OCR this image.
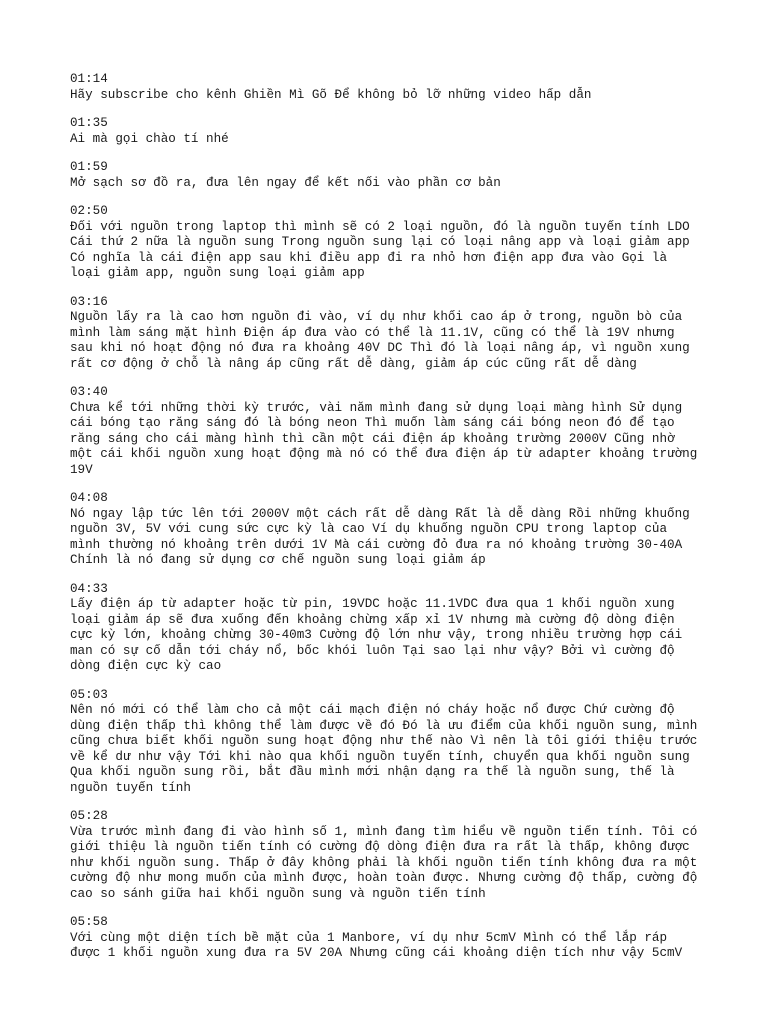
01:14
Hãy subscribe cho kênh Ghiền Mì Gõ Để không bỏ lỡ những video hấp dẫn
01:35
Ai mà gọi chào tí nhé
01:59
Mở sạch sơ đồ ra, đưa lên ngay để kết nối vào phần cơ bản
02:50
Đối với nguồn trong laptop thì mình sẽ có 2 loại nguồn, đó là nguồn tuyến tính LDO
Cái thứ 2 nữa là nguồn sung Trong nguồn sung lại có loại nâng app và loại giảm app
Có nghĩa là cái điện app sau khi điều app đi ra nhỏ hơn điện app đưa vào Gọi là
loại giảm app, nguồn sung loại giảm app
03:16
Nguồn lấy ra là cao hơn nguồn đi vào, ví dụ như khối cao áp ở trong, nguồn bò của
mình làm sáng mặt hình Điện áp đưa vào có thể là 11.1V, cũng có thể là 19V nhưng
sau khi nó hoạt động nó đưa ra khoảng 40V DC Thì đó là loại nâng áp, vì nguồn xung
rất cơ động ở chỗ là nâng áp cũng rất dễ dàng, giảm áp cúc cũng rất dễ dàng
03:40
Chưa kể tới những thời kỳ trước, vài năm mình đang sử dụng loại màng hình Sử dụng
cái bóng tạo răng sáng đó là bóng neon Thì muốn làm sáng cái bóng neon đó để tạo
răng sáng cho cái màng hình thì cần một cái điện áp khoảng trường 2000V Cũng nhờ
một cái khối nguồn xung hoạt động mà nó có thể đưa điện áp từ adapter khoảng trường
19V
04:08
Nó ngay lập tức lên tới 2000V một cách rất dễ dàng Rất là dễ dàng Rồi những khuống
nguồn 3V, 5V với cung sức cực kỳ là cao Ví dụ khuống nguồn CPU trong laptop của
mình thường nó khoảng trên dưới 1V Mà cái cường đỏ đưa ra nó khoảng trường 30-40A
Chính là nó đang sử dụng cơ chế nguồn sung loại giảm áp
04:33
Lấy điện áp từ adapter hoặc từ pin, 19VDC hoặc 11.1VDC đưa qua 1 khối nguồn xung
loại giảm áp sẽ đưa xuống đến khoảng chừng xấp xỉ 1V nhưng mà cường độ dòng điện
cực kỳ lớn, khoảng chừng 30-40m3 Cường độ lớn như vậy, trong nhiều trường hợp cái
man có sự cố dẫn tới cháy nổ, bốc khói luôn Tại sao lại như vậy? Bởi vì cường độ
dòng điện cực kỳ cao
05:03
Nên nó mới có thể làm cho cả một cái mạch điện nó cháy hoặc nổ được Chứ cường độ
dùng điện thấp thì không thể làm được về đó Đó là ưu điểm của khối nguồn sung, mình
cũng chưa biết khối nguồn sung hoạt động như thế nào Vì nên là tôi giới thiệu trước
về kể dư như vậy Tới khi nào qua khối nguồn tuyến tính, chuyển qua khối nguồn sung
Qua khối nguồn sung rồi, bắt đầu mình mới nhận dạng ra thế là nguồn sung, thế là
nguồn tuyến tính
05:28
Vừa trước mình đang đi vào hình số 1, mình đang tìm hiểu về nguồn tiến tính. Tôi có
giới thiệu là nguồn tiến tính có cường độ dòng điện đưa ra rất là thấp, không được
như khối nguồn sung. Thấp ở đây không phải là khối nguồn tiến tính không đưa ra một
cường độ như mong muốn của mình được, hoàn toàn được. Nhưng cường độ thấp, cường độ
cao so sánh giữa hai khối nguồn sung và nguồn tiến tính
05:58
Với cùng một diện tích bề mặt của 1 Manbore, ví dụ như 5cmV Mình có thể lắp ráp
được 1 khối nguồn xung đưa ra 5V 20A Nhưng cũng cái khoảng diện tích như vậy 5cmV
